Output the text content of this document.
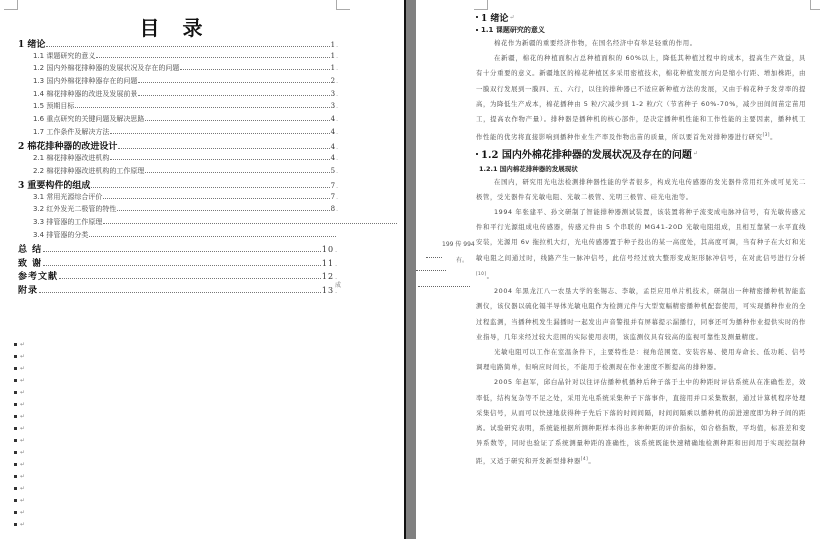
目 录
1 绪论	1 .
1.1 课题研究的意义	1 .
1.2 国内外棉花排种器的发展状况及存在的问题	1 .
1.3 国内外棉花排种器存在的问题	2 .
1.4 棉花排种器的改进及发展前景	3 .
1.5 预期目标	3 .
1.6 重点研究的关键问题及解决思路	4 .
1.7 工作条件及解决方法	4 .
2 棉花排种器的改进设计	4 .
2.1 棉花排种器改进机构	4 .
2.2 棉花排种器改进机构的工作原理	5 .
3 重要构件的组成	7 .
3.1 常用光源综合评价	7 .
3.2 红外发光二极管的特性	8 .
3.3 排管器的工作原理
3.4 排管器的分类
总 结	10 .
致 谢	11 .
参考文献	12 .
附录	13 .
成
↵
↵
↵
↵
↵
↵
↵
↵
↵
↵
↵
↵
↵
↵
↵
↵
199 传 994
有。
1 绪论 ↵
1.1 课题研究的意义
棉花作为新疆的重要经济作物，在国名经济中有举足轻重的作用。
在新疆，棉花的种植面积占总种植面积的 60%以上，降低其种植过程中的成本，提高生产效益，具有十分重要的意义。新疆地区的棉花种植区多采用密植技术，棉花种植发展方向是缩小行距、增加株距，由一膜双行发展到一膜四、五、六行，以往的排种器已不适应新种植方法的发展，又由于棉花种子发芽率的提高，为降低生产成本，棉花播种由 5 粒/穴减少到 1-2 粒/穴（节省种子 60%-70%，减少田间间苗定苗用工，提高农作物产量）。排种器是播种机的核心部件，是决定播种机性能和工作性能的主要因素，播种机工作性能的优劣将直接影响到播种作业生产率及作物出苗的质量，所以要首先对排种器进行研究[3]。
1.2 国内外棉花排种器的发展状况及存在的问题 ↵
1.2.1 国内棉花排种器的发展现状
在国内，研究用光电法检测排种器性能的学者很多，构成光电传感器的发光器件常用红外或可见光二极管，受光器件有光敏电阻、光敏二极管、光明三极管、硅光电池等。
1994 年张建平、孙文研制了智能排种器测试装置，该装置将种子流变成电脉冲信号，有光敏传感元件和平行光源组成电传感器，传感元件由 5 个串联的 MG41-20D 光敏电阻组成，且相互靠紧一水平直线安装，光源用 6v 拖拉机大灯，光电传感器置于种子投出的某一高度处，其高度可调，当有种子在大灯和光敏电阻之间通过时，线路产生一脉冲信号，此信号经过放大整形变成矩形脉冲信号，在对此信号进行分析[10]。
2004 年黑龙江八一农垦大学的张锡志、李敏，孟臣应用单片机技术，研制出一种精密播种机智能监测仪，该仪器以硫化镉半导体光敏电阻作为检测元件与大型宽幅精密播种机配套使用，可实现播种作业的全过程监测，当播种机发生漏播时一起发出声音警报并有屏幕提示漏播行，同事还可为播种作业提供实时的作业指导，几年来经过较大范围的实际使用表明，该监测仪具有较高的监视可靠性及测量精度。
光敏电阻可以工作在室温条件下，主要特性是：视角范围宽、安装容易、使用寿命长、低功耗、信号调理电路简单，但响应时间长，不能用于检测现在作业速度不断提高的排种器。
2005 年赵军，邱白晶针对以往评估播种机播种后种子落于土中的种距时评估系统从在准确性差，效率低，结构复杂等不足之处，采用光电系统采集种子下落事件，直接用并口采集数据，通过计算机程序处理采集信号，从而可以快速地获得种子先后下落的时间间隔，时间间隔乘以播种机的前进速度即为种子间的距离。试验研究表明，系统能根据所测种距样本得出多种种距的评价指标，如合格指数，平均值，标准差和变异系数等，同时也验证了系统测量种距的准确性，该系统既能快速精确地检测种距和田间用于实现控制种距，又适于研究和开发新型排种器[4]。
